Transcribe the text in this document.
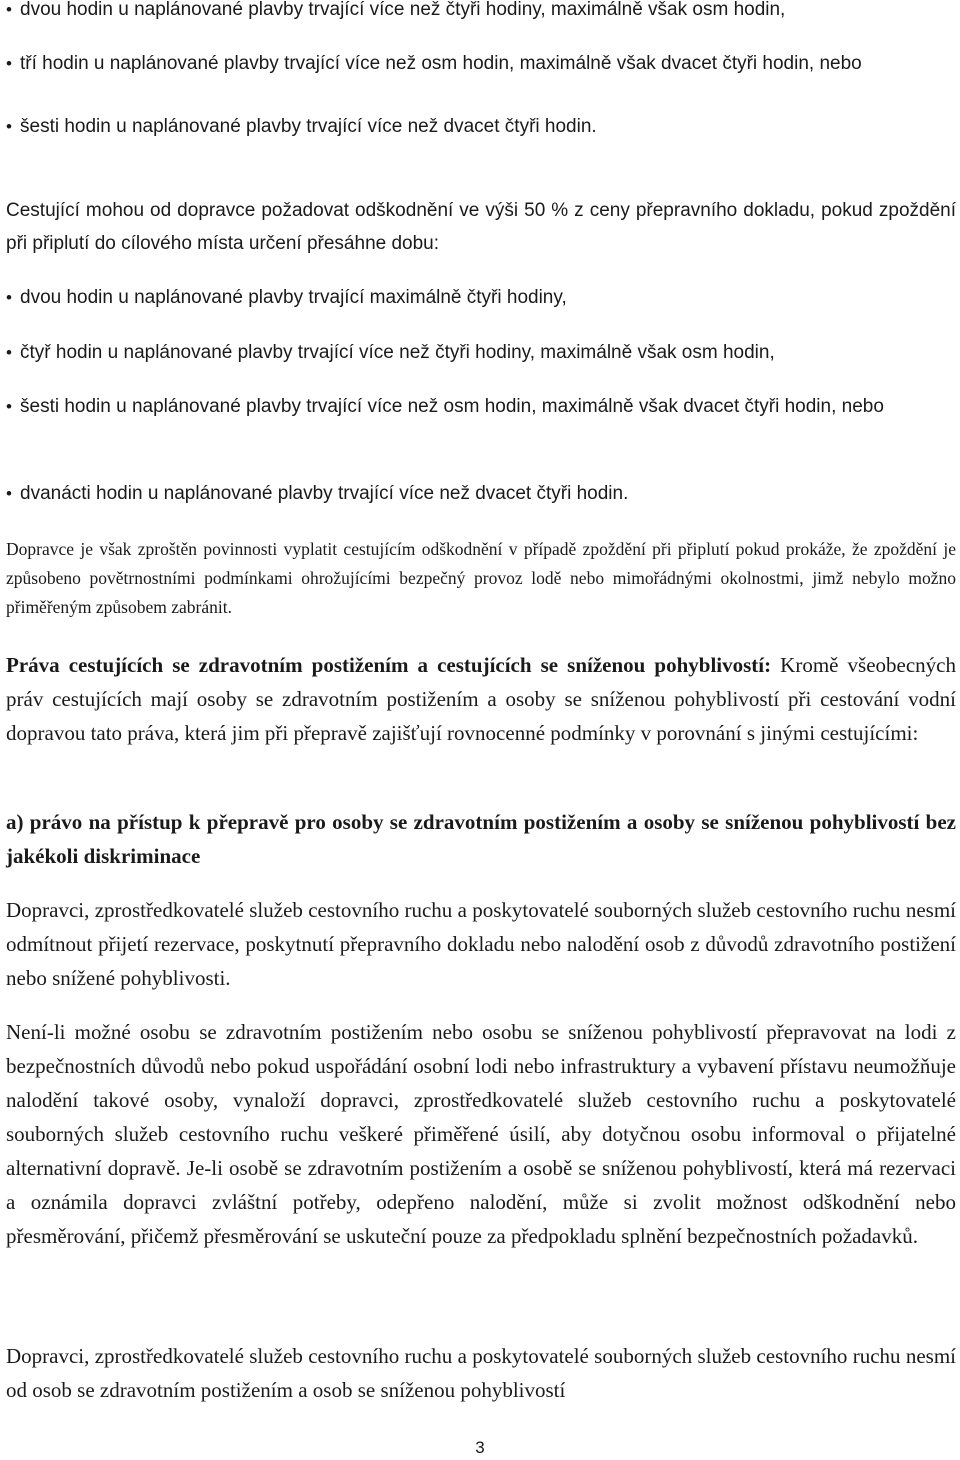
• dvou hodin u naplánované plavby trvající více než čtyři hodiny, maximálně však osm hodin,
• tří hodin u naplánované plavby trvající více než osm hodin, maximálně však dvacet čtyři hodin, nebo
• šesti hodin u naplánované plavby trvající více než dvacet čtyři hodin.

Cestující mohou od dopravce požadovat odškodnění ve výši 50 % z ceny přepravního dokladu, pokud zpoždění při připlutí do cílového místa určení přesáhne dobu:

• dvou hodin u naplánované plavby trvající maximálně čtyři hodiny,
• čtyř hodin u naplánované plavby trvající více než čtyři hodiny, maximálně však osm hodin,
• šesti hodin u naplánované plavby trvající více než osm hodin, maximálně však dvacet čtyři hodin, nebo
• dvanácti hodin u naplánované plavby trvající více než dvacet čtyři hodin.

Dopravce je však zproštěn povinnosti vyplatit cestujícím odškodnění v případě zpoždění při připlutí pokud prokáže, že zpoždění je způsobeno povětrnostními podmínkami ohrožujícími bezpečný provoz lodě nebo mimořádnými okolnostmi, jimž nebylo možno přiměřeným způsobem zabránit.

Práva cestujících se zdravotním postižením a cestujících se sníženou pohyblivostí: Kromě všeobecných práv cestujících mají osoby se zdravotním postižením a osoby se sníženou pohyblivostí při cestování vodní dopravou tato práva, která jim při přepravě zajišťují rovnocenné podmínky v porovnání s jinými cestujícími:

a) právo na přístup k přepravě pro osoby se zdravotním postižením a osoby se sníženou pohyblivostí bez jakékoli diskriminace

Dopravci, zprostředkovatelé služeb cestovního ruchu a poskytovatelé souborných služeb cestovního ruchu nesmí odmítnout přijetí rezervace, poskytnutí přepravního dokladu nebo nalodění osob z důvodů zdravotního postižení nebo snížené pohyblivosti.

Není-li možné osobu se zdravotním postižením nebo osobu se sníženou pohyblivostí přepravovat na lodi z bezpečnostních důvodů nebo pokud uspořádání osobní lodi nebo infrastruktury a vybavení přístavu neumožňuje nalodění takové osoby, vynaloží dopravci, zprostředkovatelé služeb cestovního ruchu a poskytovatelé souborných služeb cestovního ruchu veškeré přiměřené úsilí, aby dotyčnou osobu informoval o přijatelné alternativní dopravě. Je-li osobě se zdravotním postižením a osobě se sníženou pohyblivostí, která má rezervaci a oznámila dopravci zvláštní potřeby, odepřeno nalodění, může si zvolit možnost odškodnění nebo přesměrování, přičemž přesměrování se uskuteční pouze za předpokladu splnění bezpečnostních požadavků.

Dopravci, zprostředkovatelé služeb cestovního ruchu a poskytovatelé souborných služeb cestovního ruchu nesmí od osob se zdravotním postižením a osob se sníženou pohyblivostí

3
